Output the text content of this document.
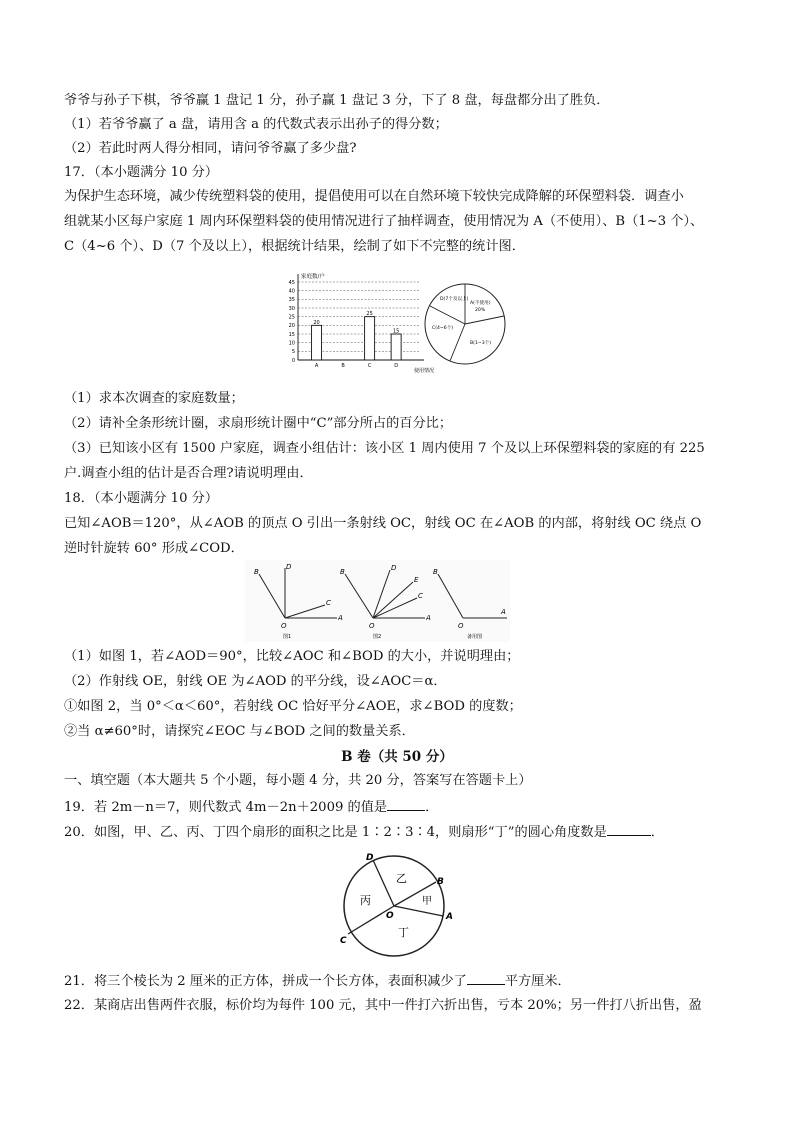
爷爷与孙子下棋，爷爷赢 1 盘记 1 分，孙子赢 1 盘记 3 分，下了 8 盘，每盘都分出了胜负．
（1）若爷爷赢了 a 盘，请用含 a 的代数式表示出孙子的得分数；
（2）若此时两人得分相同，请问爷爷赢了多少盘?
17．（本小题满分 10 分）
为保护生态环境，减少传统塑料袋的使用，提倡使用可以在自然环境下较快完成降解的环保塑料袋．调查小
组就某小区每户家庭 1 周内环保塑料袋的使用情况进行了抽样调查，使用情况为 A（不使用）、B（1~3 个）、
C（4~6 个）、D（7 个及以上），根据统计结果，绘制了如下不完整的统计图．
0
5
10
15
20
25
30
35
40
45
家庭数/户
使用情况
20
A	B
25
C
15
D
D(7个及以上)
A(不使用)
20%
C(4~6个)
B(1~3个)
（1）求本次调查的家庭数量；
（2）请补全条形统计圈，求扇形统计圈中“C”部分所占的百分比；
（3）已知该小区有 1500 户家庭，调查小组估计：该小区 1 周内使用 7 个及以上环保塑料袋的家庭的有 225
户.调查小组的估计是否合理?请说明理由．
18．（本小题满分 10 分）
已知∠AOB＝120°，从∠AOB 的顶点 O 引出一条射线 OC，射线 OC 在∠AOB 的内部，将射线 OC 绕点 O
逆时针旋转 60° 形成∠COD．
B
D
C
A
O
图1
B	D
E
C
A
O
图2
B
O
A
备用图
（1）如图 1，若∠AOD＝90°，比较∠AOC 和∠BOD 的大小，并说明理由；
（2）作射线 OE，射线 OE 为∠AOD 的平分线，设∠AOC＝α．
①如图 2，当 0°＜α＜60°，若射线 OC 恰好平分∠AOE，求∠BOD 的度数；
②当 α≠60°时，请探究∠EOC 与∠BOD 之间的数量关系．
B 卷（共 50 分）
一、填空题（本大题共 5 个小题，每小题 4 分，共 20 分，答案写在答题卡上）
19．若 2m－n＝7，则代数式 4m－2n＋2009 的值是	．
20．如图，甲、乙、丙、丁四个扇形的面积之比是 1∶2∶3∶4，则扇形“丁”的圆心角度数是	．
D
B
A
C
O
乙
甲
丙
丁
21．将三个棱长为 2 厘米的正方体，拼成一个长方体，表面积减少了	平方厘米．
22．某商店出售两件衣服，标价均为每件 100 元，其中一件打六折出售，亏本 20%；另一件打八折出售，盈
